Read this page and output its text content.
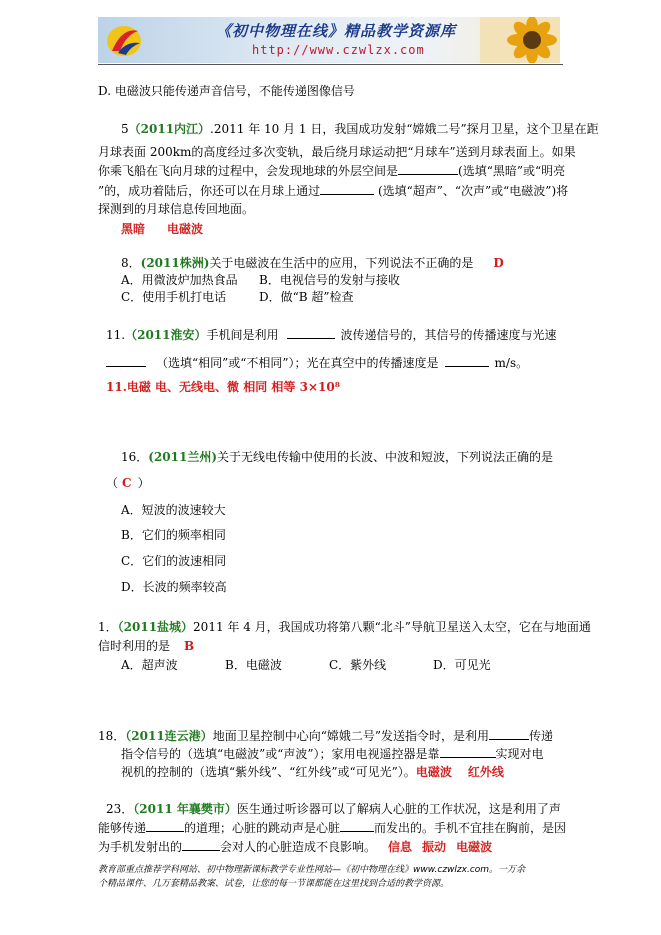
《初中物理在线》精品教学资源库
http://www.czwlzx.com
D. 电磁波只能传递声音信号，不能传递图像信号
5（2011内江）.2011 年 10 月 1 日，我国成功发射“嫦娥二号”探月卫星，这个卫星在距
月球表面 200km的高度经过多次变轨，最后绕月球运动把“月球车”送到月球表面上。如果
你乘飞船在飞向月球的过程中，会发现地球的外层空间是	(选填“黑暗”或“明亮
”的，成功着陆后，你还可以在月球上通过	(选填“超声”、“次声”或“电磁波”)将
探测到的月球信息传回地面。
黑暗 电磁波
8．(2011株洲)关于电磁波在生活中的应用，下列说法不正确的是 D
A．用微波炉加热食品 B．电视信号的发射与接收
C．使用手机打电话	D．做“B 超”检查
11.（2011淮安）手机间是利用	波传递信号的，其信号的传播速度与光速
（选填“相同”或“不相同”）；光在真空中的传播速度是	m/s。
11.电磁 电、无线电、微 相同 相等 3×10⁸
16．(2011兰州)关于无线电传输中使用的长波、中波和短波，下列说法正确的是
（ C ）
A．短波的波速较大
B．它们的频率相同
C．它们的波速相同
D．长波的频率较高
1．（2011盐城）2011 年 4 月，我国成功将第八颗“北斗”导航卫星送入太空，它在与地面通
信时利用的是 B
A．超声波	B．电磁波	C．紫外线	D．可见光
18．（2011连云港）地面卫星控制中心向“嫦娥二号”发送指令时，是利用	传递
指令信号的（选填“电磁波”或“声波”）；家用电视遥控器是靠	实现对电
视机的控制的（选填“紫外线”、“红外线”或“可见光”）。电磁波 红外线
23．（2011 年襄樊市）医生通过听诊器可以了解病人心脏的工作状况，这是利用了声
能够传递	的道理；心脏的跳动声是心脏	而发出的。手机不宜挂在胸前，是因
为手机发射出的	会对人的心脏造成不良影响。 信息 振动 电磁波
教育部重点推荐学科网站、初中物理新课标教学专业性网站—《初中物理在线》www.czwlzx.com。一万余
个精品课件、几万套精品教案、试卷，让您的每一节课都能在这里找到合适的教学资源。
